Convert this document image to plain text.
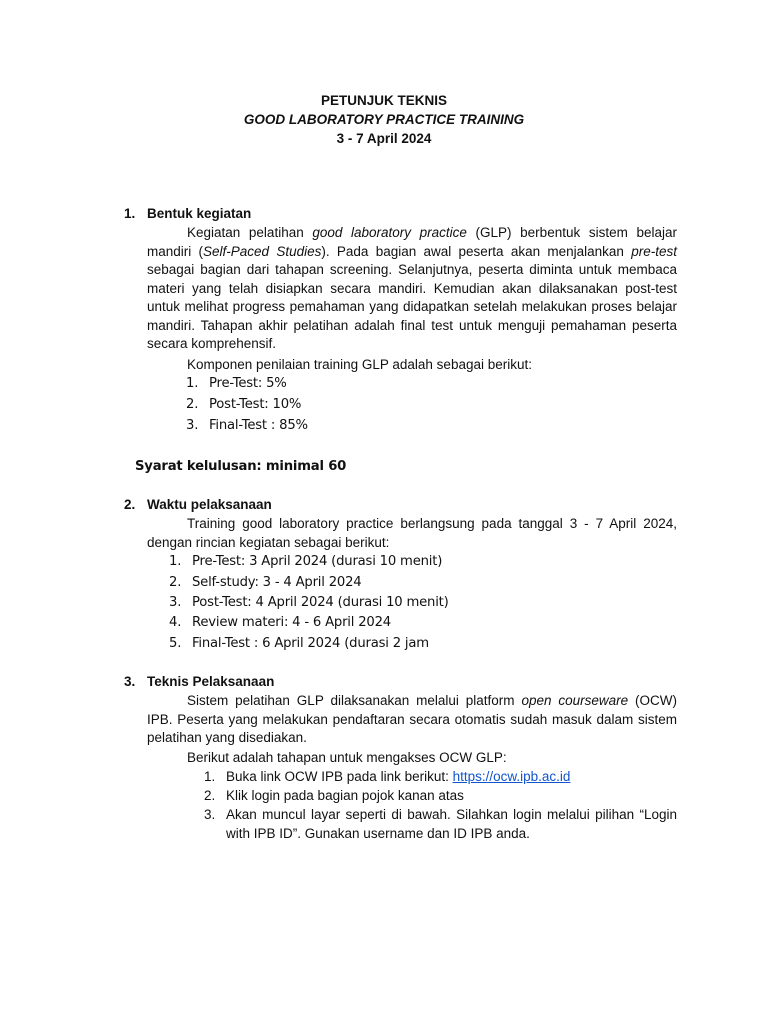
PETUNJUK TEKNIS
GOOD LABORATORY PRACTICE TRAINING
3 - 7 April 2024
1. Bentuk kegiatan
Kegiatan pelatihan good laboratory practice (GLP) berbentuk sistem belajar mandiri (Self-Paced Studies). Pada bagian awal peserta akan menjalankan pre-test sebagai bagian dari tahapan screening. Selanjutnya, peserta diminta untuk membaca materi yang telah disiapkan secara mandiri. Kemudian akan dilaksanakan post-test untuk melihat progress pemahaman yang didapatkan setelah melakukan proses belajar mandiri. Tahapan akhir pelatihan adalah final test untuk menguji pemahaman peserta secara komprehensif.
Komponen penilaian training GLP adalah sebagai berikut:
1. Pre-Test: 5%
2. Post-Test: 10%
3. Final-Test : 85%
Syarat kelulusan: minimal 60
2. Waktu pelaksanaan
Training good laboratory practice berlangsung pada tanggal 3 - 7 April 2024, dengan rincian kegiatan sebagai berikut:
1. Pre-Test: 3 April 2024 (durasi 10 menit)
2. Self-study: 3 - 4 April 2024
3. Post-Test: 4 April 2024 (durasi 10 menit)
4. Review materi: 4 - 6 April 2024
5. Final-Test : 6 April 2024 (durasi 2 jam
3. Teknis Pelaksanaan
Sistem pelatihan GLP dilaksanakan melalui platform open courseware (OCW) IPB. Peserta yang melakukan pendaftaran secara otomatis sudah masuk dalam sistem pelatihan yang disediakan.
Berikut adalah tahapan untuk mengakses OCW GLP:
1. Buka link OCW IPB pada link berikut: https://ocw.ipb.ac.id
2. Klik login pada bagian pojok kanan atas
3. Akan muncul layar seperti di bawah. Silahkan login melalui pilihan “Login with IPB ID”. Gunakan username dan ID IPB anda.
